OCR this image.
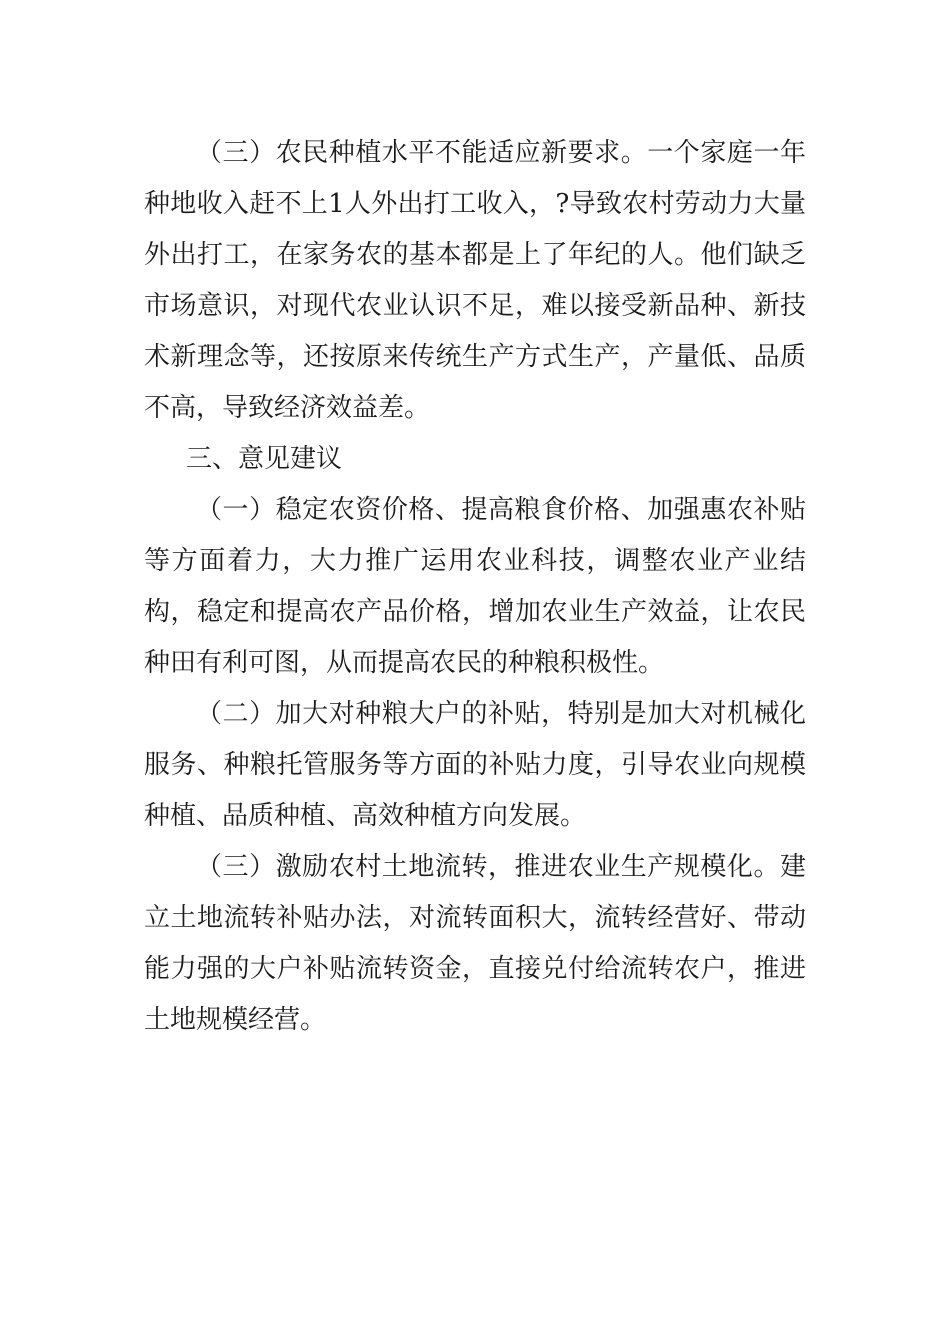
（三）农民种植水平不能适应新要求。一个家庭一年种地收入赶不上1人外出打工收入，?导致农村劳动力大量外出打工，在家务农的基本都是上了年纪的人。他们缺乏市场意识，对现代农业认识不足，难以接受新品种、新技术新理念等，还按原来传统生产方式生产，产量低、品质不高，导致经济效益差。

三、意见建议

（一）稳定农资价格、提高粮食价格、加强惠农补贴等方面着力，大力推广运用农业科技，调整农业产业结构，稳定和提高农产品价格，增加农业生产效益，让农民种田有利可图，从而提高农民的种粮积极性。

（二）加大对种粮大户的补贴，特别是加大对机械化服务、种粮托管服务等方面的补贴力度，引导农业向规模种植、品质种植、高效种植方向发展。

（三）激励农村土地流转，推进农业生产规模化。建立土地流转补贴办法，对流转面积大，流转经营好、带动能力强的大户补贴流转资金，直接兑付给流转农户，推进土地规模经营。
